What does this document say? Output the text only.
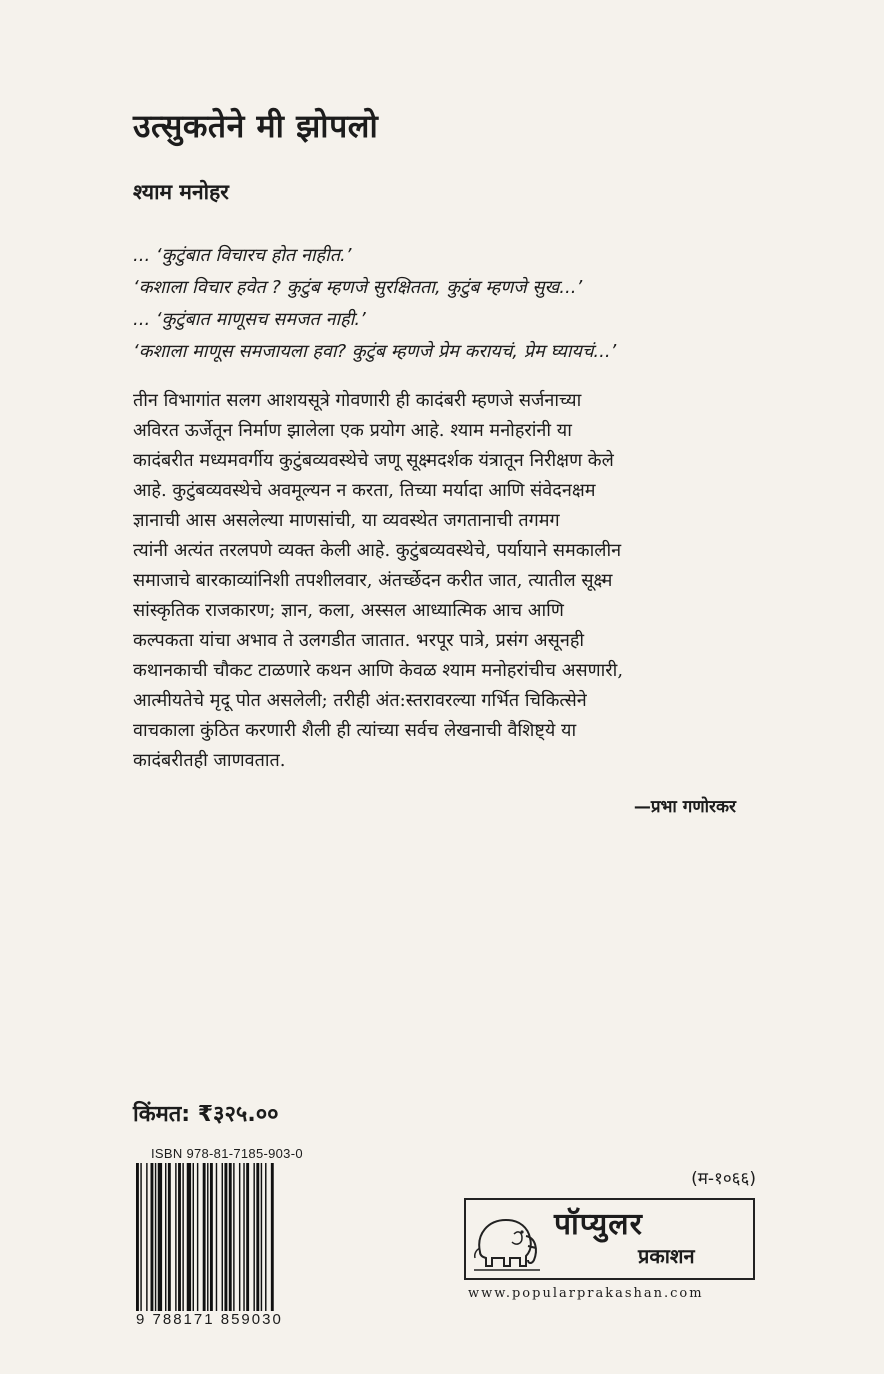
उत्सुकतेने मी झोपलो
श्याम मनोहर
... ‘कुटुंबात विचारच होत नाहीत.’
‘कशाला विचार हवेत ? कुटुंब म्हणजे सुरक्षितता, कुटुंब म्हणजे सुख...’
... ‘कुटुंबात माणूसच समजत नाही.’
‘कशाला माणूस समजायला हवा? कुटुंब म्हणजे प्रेम करायचं, प्रेम घ्यायचं...’
तीन विभागांत सलग आशयसूत्रे गोवणारी ही कादंबरी म्हणजे सर्जनाच्या
अविरत ऊर्जेतून निर्माण झालेला एक प्रयोग आहे. श्याम मनोहरांनी या
कादंबरीत मध्यमवर्गीय कुटुंबव्यवस्थेचे जणू सूक्ष्मदर्शक यंत्रातून निरीक्षण केले
आहे. कुटुंबव्यवस्थेचे अवमूल्यन न करता, तिच्या मर्यादा आणि संवेदनक्षम
ज्ञानाची आस असलेल्या माणसांची, या व्यवस्थेत जगतानाची तगमग
त्यांनी अत्यंत तरलपणे व्यक्त केली आहे. कुटुंबव्यवस्थेचे, पर्यायाने समकालीन
समाजाचे बारकाव्यांनिशी तपशीलवार, अंतर्च्छेदन करीत जात, त्यातील सूक्ष्म
सांस्कृतिक राजकारण; ज्ञान, कला, अस्सल आध्यात्मिक आच आणि
कल्पकता यांचा अभाव ते उलगडीत जातात. भरपूर पात्रे, प्रसंग असूनही
कथानकाची चौकट टाळणारे कथन आणि केवळ श्याम मनोहरांचीच असणारी,
आत्मीयतेचे मृदू पोत असलेली; तरीही अंत:स्तरावरल्या गर्भित चिकित्सेने
वाचकाला कुंठित करणारी शैली ही त्यांच्या सर्वच लेखनाची वैशिष्ट्ये या
कादंबरीतही जाणवतात.
—प्रभा गणोरकर
किंमत: ₹३२५.००
ISBN 978-81-7185-903-0
9 788171 859030
(म-१०६६)
पॉप्युलर
प्रकाशन
www.popularprakashan.com
